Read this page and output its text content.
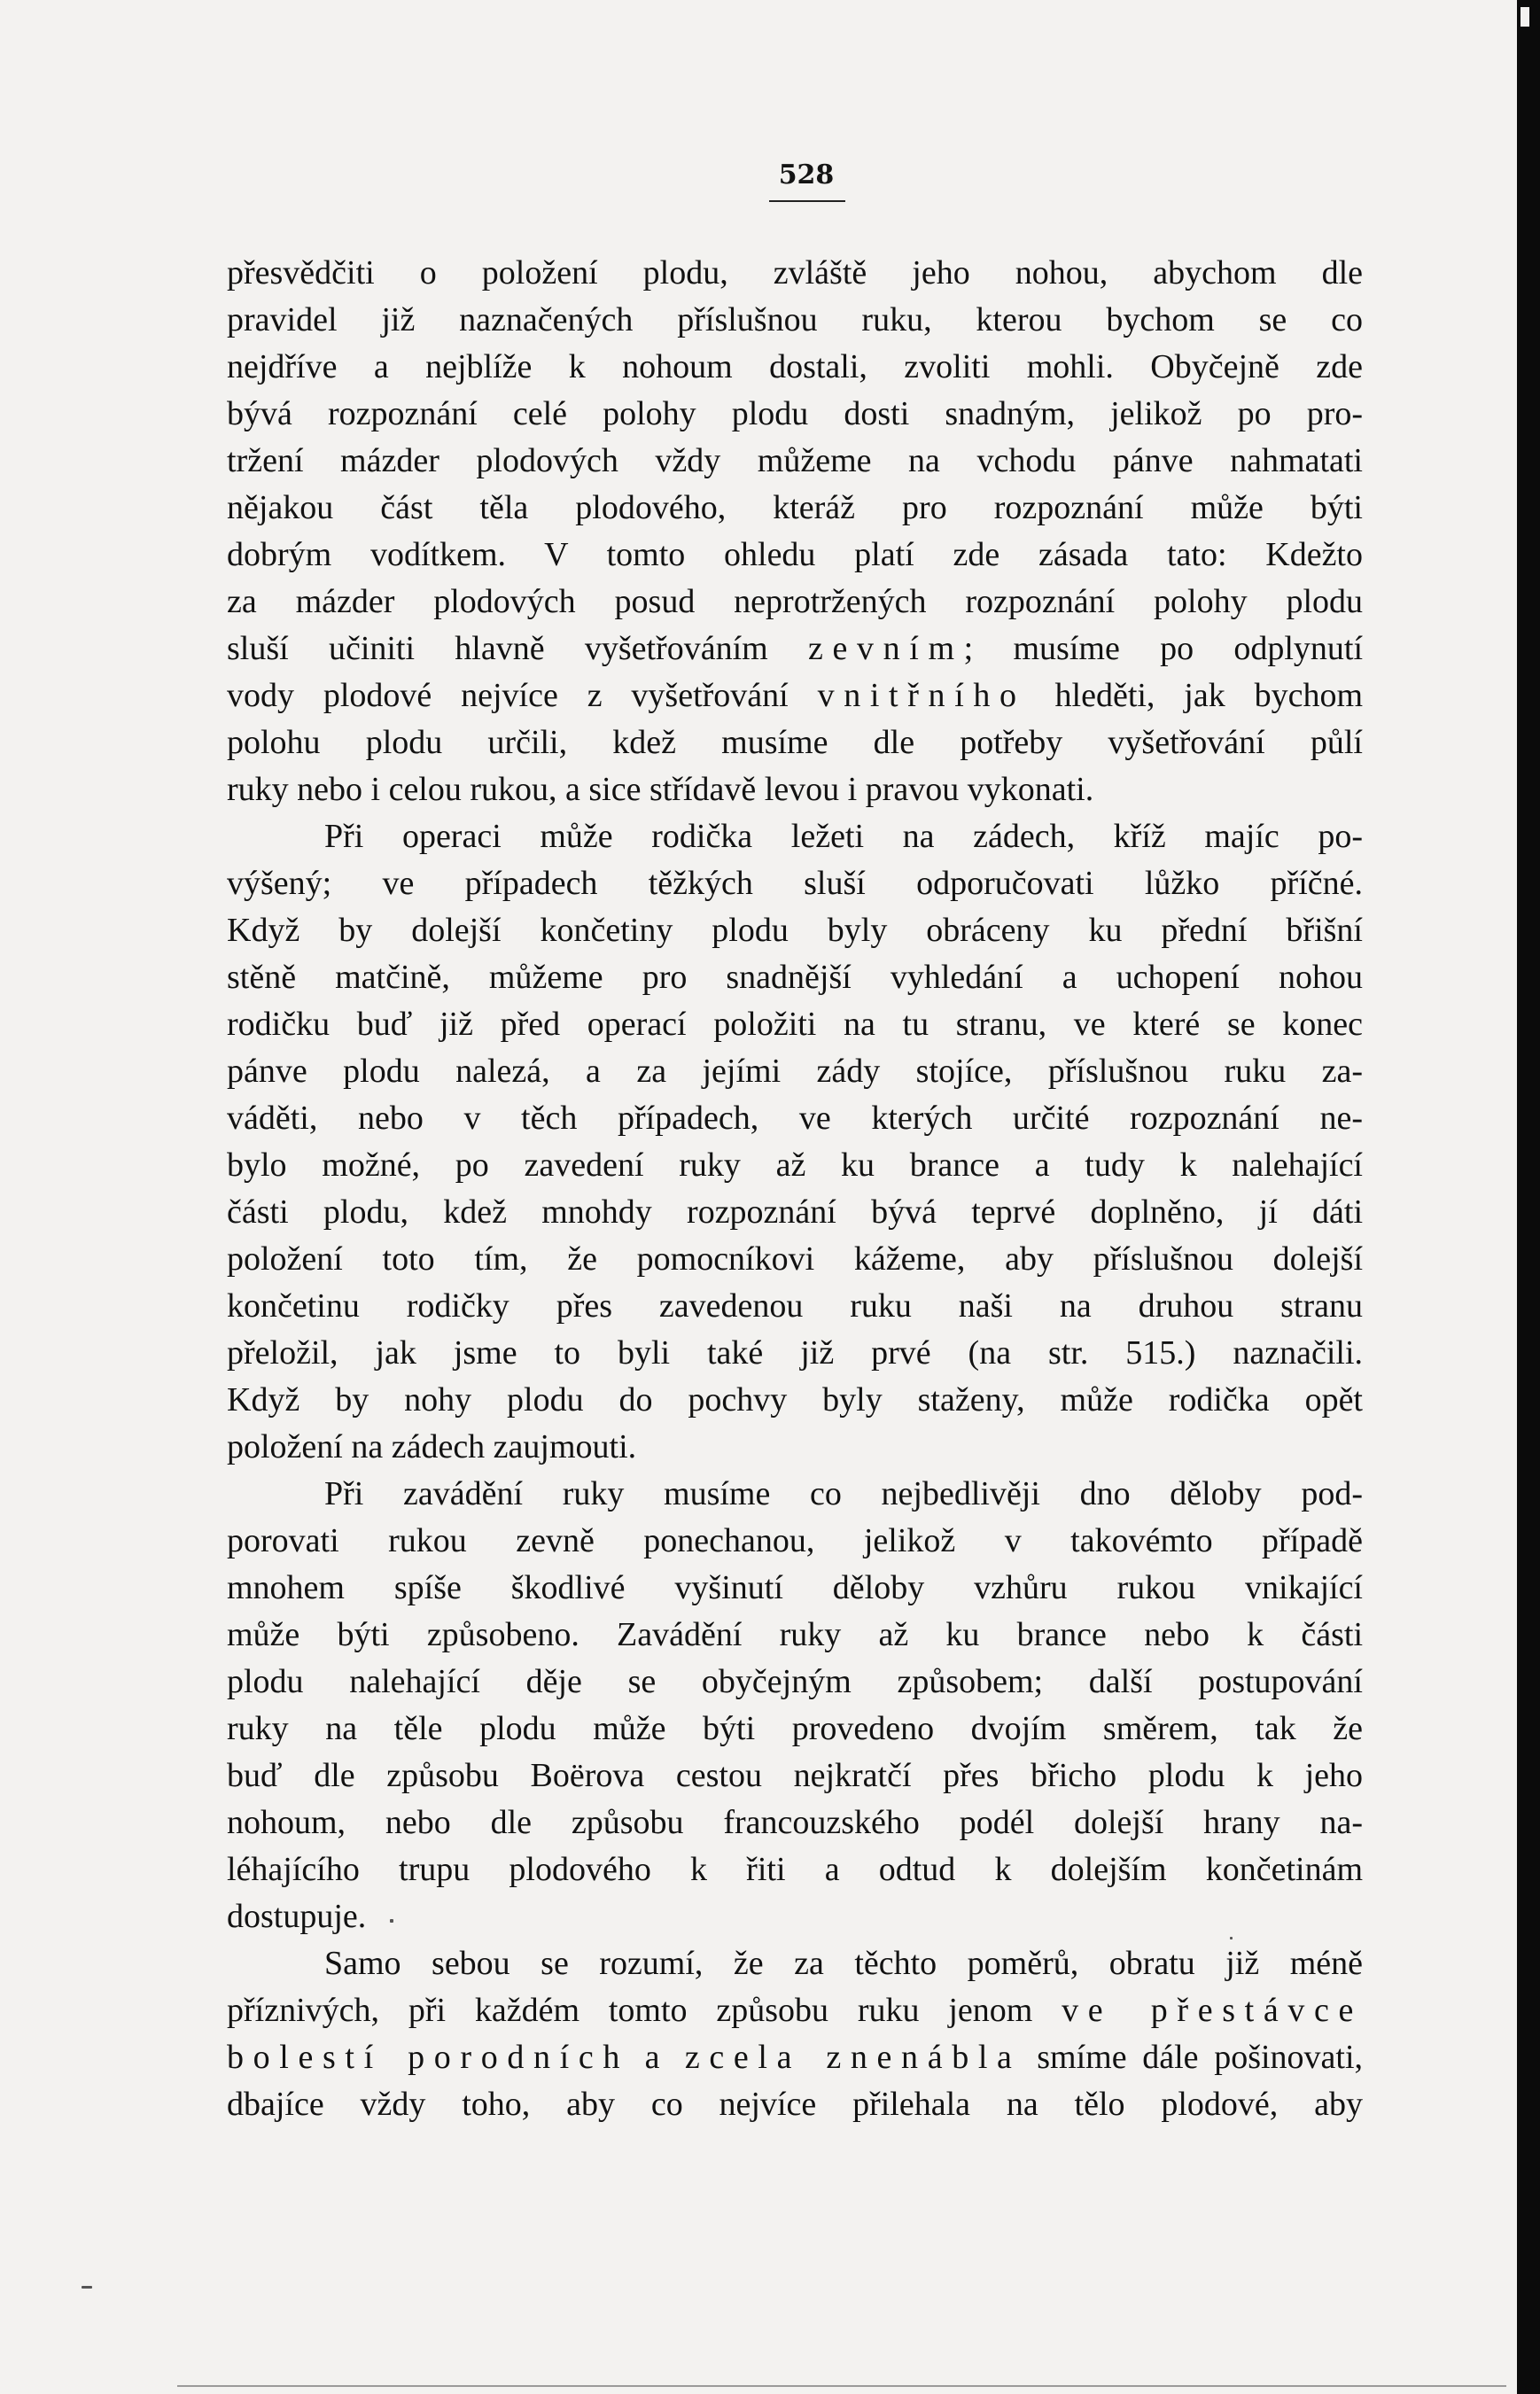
528
přesvědčiti o položení plodu, zvláště jeho nohou, abychom dle
pravidel již naznačených příslušnou ruku, kterou bychom se co
nejdříve a nejblíže k nohoum dostali, zvoliti mohli. Obyčejně zde
bývá rozpoznání celé polohy plodu dosti snadným, jelikož po pro-
tržení mázder plodových vždy můžeme na vchodu pánve nahmatati
nějakou část těla plodového, kteráž pro rozpoznání může býti
dobrým vodítkem. V tomto ohledu platí zde zásada tato: Kdežto
za mázder plodových posud neprotržených rozpoznání polohy plodu
sluší učiniti hlavně vyšetřováním zevním; musíme po odplynutí
vody plodové nejvíce z vyšetřování vnitřního hleděti, jak bychom
polohu plodu určili, kdež musíme dle potřeby vyšetřování půlí
ruky nebo i celou rukou, a sice střídavě levou i pravou vykonati.
Při operaci může rodička ležeti na zádech, kříž majíc po-
výšený; ve případech těžkých sluší odporučovati lůžko příčné.
Když by dolejší končetiny plodu byly obráceny ku přední břišní
stěně matčině, můžeme pro snadnější vyhledání a uchopení nohou
rodičku buď již před operací položiti na tu stranu, ve které se konec
pánve plodu nalezá, a za jejími zády stojíce, příslušnou ruku za-
váděti, nebo v těch případech, ve kterých určité rozpoznání ne-
bylo možné, po zavedení ruky až ku brance a tudy k nalehající
části plodu, kdež mnohdy rozpoznání bývá teprvé doplněno, jí dáti
položení toto tím, že pomocníkovi kážeme, aby příslušnou dolejší
končetinu rodičky přes zavedenou ruku naši na druhou stranu
přeložil, jak jsme to byli také již prvé (na str. 515.) naznačili.
Když by nohy plodu do pochvy byly staženy, může rodička opět
položení na zádech zaujmouti.
Při zavádění ruky musíme co nejbedlivěji dno děloby pod-
porovati rukou zevně ponechanou, jelikož v takovémto případě
mnohem spíše škodlivé vyšinutí děloby vzhůru rukou vnikající
může býti způsobeno. Zavádění ruky až ku brance nebo k části
plodu nalehající děje se obyčejným způsobem; další postupování
ruky na těle plodu může býti provedeno dvojím směrem, tak že
buď dle způsobu Boërova cestou nejkratčí přes břicho plodu k jeho
nohoum, nebo dle způsobu francouzského podél dolejší hrany na-
léhajícího trupu plodového k řiti a odtud k dolejším končetinám
dostupuje.
Samo sebou se rozumí, že za těchto poměrů, obratu již méně
příznivých, při každém tomto způsobu ruku jenom ve přestávce
bolestí porodních a zcela znenábla smíme dále pošinovati,
dbajíce vždy toho, aby co nejvíce přilehala na tělo plodové, aby
